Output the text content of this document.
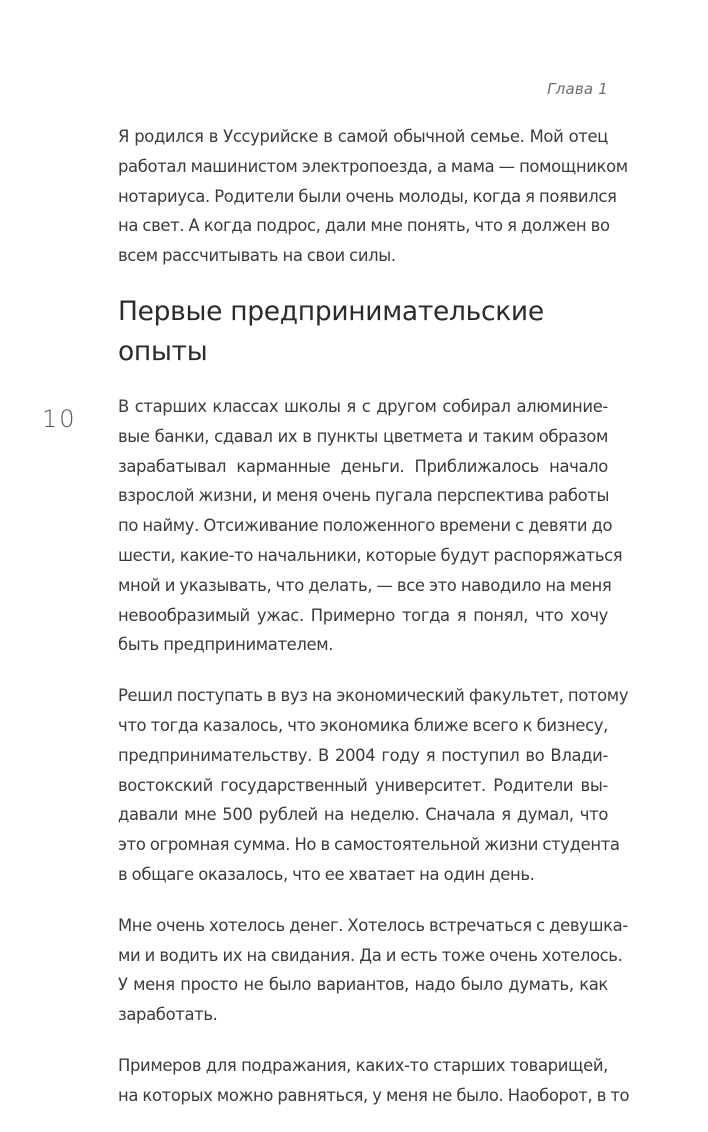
Глава 1
10

Я родился в Уссурийске в самой обычной семье. Мой отец
работал машинистом электропоезда, а мама — помощником
нотариуса. Родители были очень молоды, когда я появился
на свет. А когда подрос, дали мне понять, что я должен во
всем рассчитывать на свои силы.

Первые предпринимательские
опыты

В старших классах школы я с другом собирал алюминие-
вые банки, сдавал их в пункты цветмета и таким образом
зарабатывал карманные деньги. Приближалось начало
взрослой жизни, и меня очень пугала перспектива работы
по найму. Отсиживание положенного времени с девяти до
шести, какие-то начальники, которые будут распоряжаться
мной и указывать, что делать, — все это наводило на меня
невообразимый ужас. Примерно тогда я понял, что хочу
быть предпринимателем.

Решил поступать в вуз на экономический факультет, потому
что тогда казалось, что экономика ближе всего к бизнесу,
предпринимательству. В 2004 году я поступил во Влади-
востокский государственный университет. Родители вы-
давали мне 500 рублей на неделю. Сначала я думал, что
это огромная сумма. Но в самостоятельной жизни студента
в общаге оказалось, что ее хватает на один день.

Мне очень хотелось денег. Хотелось встречаться с девушка-
ми и водить их на свидания. Да и есть тоже очень хотелось.
У меня просто не было вариантов, надо было думать, как
заработать.

Примеров для подражания, каких-то старших товарищей,
на которых можно равняться, у меня не было. Наоборот, в то
